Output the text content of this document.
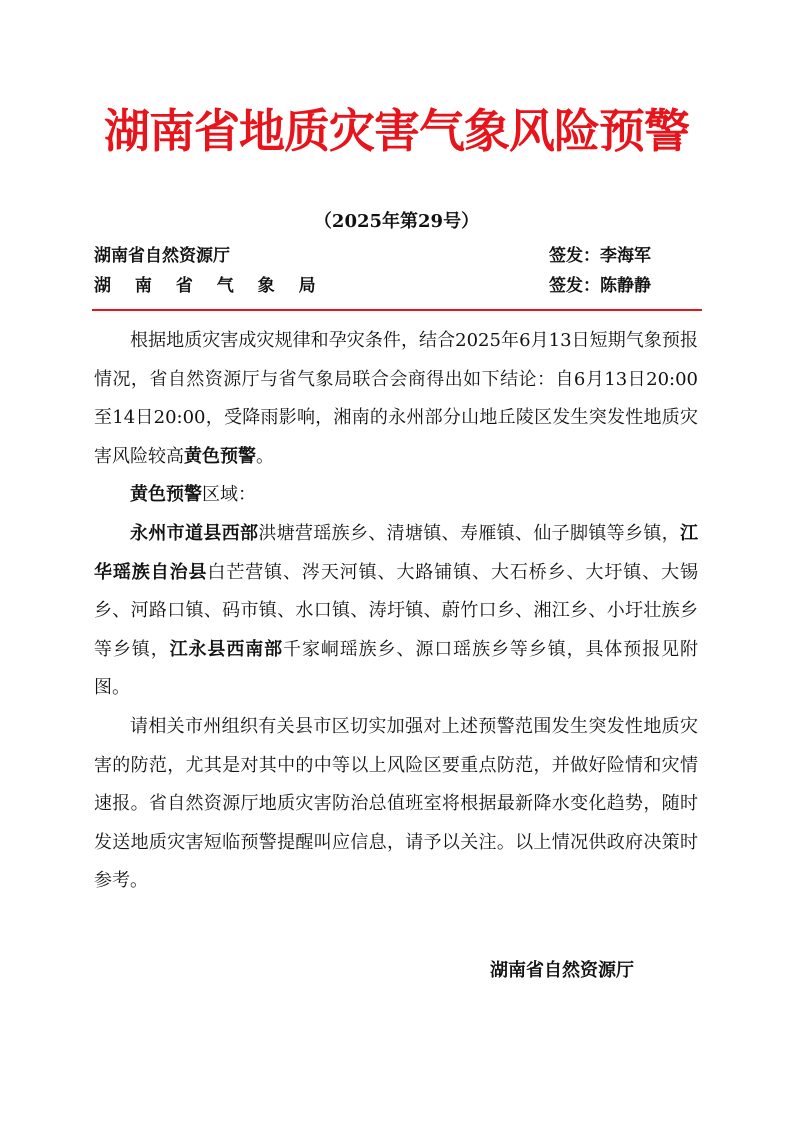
湖南省地质灾害气象风险预警
（2025年第29号）
湖南省自然资源厅	签发：李海军
湖 南 省 气 象 局	签发：陈静静

根据地质灾害成灾规律和孕灾条件，结合2025年6月13日短期气象预报情况，省自然资源厅与省气象局联合会商得出如下结论：自6月13日20:00至14日20:00，受降雨影响，湘南的永州部分山地丘陵区发生突发性地质灾害风险较高黄色预警。

黄色预警区域：

永州市道县西部洪塘营瑶族乡、清塘镇、寿雁镇、仙子脚镇等乡镇，江华瑶族自治县白芒营镇、涔天河镇、大路铺镇、大石桥乡、大圩镇、大锡乡、河路口镇、码市镇、水口镇、涛圩镇、蔚竹口乡、湘江乡、小圩壮族乡等乡镇，江永县西南部千家峒瑶族乡、源口瑶族乡等乡镇，具体预报见附图。

请相关市州组织有关县市区切实加强对上述预警范围发生突发性地质灾害的防范，尤其是对其中的中等以上风险区要重点防范，并做好险情和灾情速报。省自然资源厅地质灾害防治总值班室将根据最新降水变化趋势，随时发送地质灾害短临预警提醒叫应信息，请予以关注。以上情况供政府决策时参考。

湖南省自然资源厅
